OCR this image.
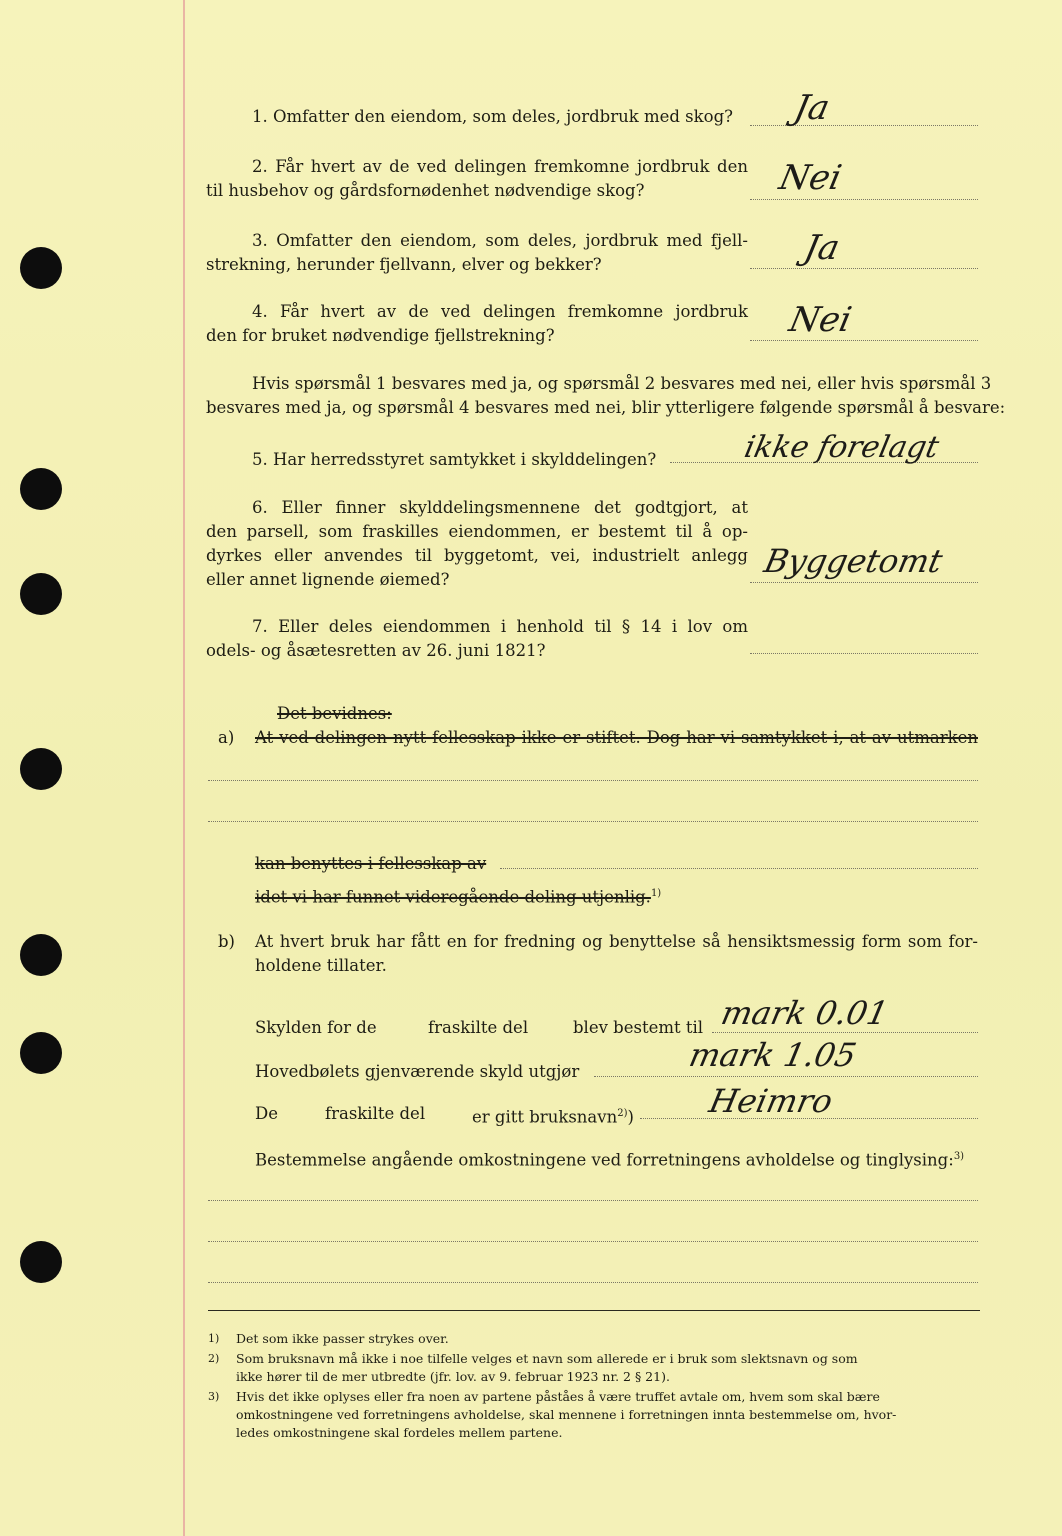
1. Omfatter den eiendom, som deles, jordbruk med skog? Ja
2. Får hvert av de ved delingen fremkomne jordbruk den
til husbehov og gårdsfornødenhet nødvendige skog?	Nei
3. Omfatter den eiendom, som deles, jordbruk med fjell-
strekning, herunder fjellvann, elver og bekker?	Ja
4. Får hvert av de ved delingen fremkomne jordbruk
den for bruket nødvendige fjellstrekning?	Nei
Hvis spørsmål 1 besvares med ja, og spørsmål 2 besvares med nei, eller hvis spørsmål 3
besvares med ja, og spørsmål 4 besvares med nei, blir ytterligere følgende spørsmål å besvare:
5. Har herredsstyret samtykket i skylddelingen?	ikke forelagt
6. Eller finner skylddelingsmennene det godtgjort, at
den parsell, som fraskilles eiendommen, er bestemt til å op-
dyrkes eller anvendes til byggetomt, vei, industrielt anlegg
eller annet lignende øiemed?	Byggetomt
7. Eller deles eiendommen i henhold til § 14 i lov om
odels- og åsætesretten av 26. juni 1821?
Det bevidnes:
a) At ved delingen nytt fellesskap ikke er stiftet. Dog har vi samtykket i, at av utmarken
kan benyttes i fellesskap av
idet vi har funnet videregående deling utjenlig.$^{1)}$
b) At hvert bruk har fått en for fredning og benyttelse så hensiktsmessig form som for-
holdene tillater.
Skylden for de	fraskilte del	blev bestemt til mark 0.01
Hovedbølets gjenværende skyld utgjør	mark 1.05
De	fraskilte del	er gitt bruksnavn$^{2)}$) Heimro
Bestemmelse angående omkostningene ved forretningens avholdelse og tinglysing:$^{3)}$
1) Det som ikke passer strykes over.
2) Som bruksnavn må ikke i noe tilfelle velges et navn som allerede er i bruk som slektsnavn og som
ikke hører til de mer utbredte (jfr. lov. av 9. februar 1923 nr. 2 § 21).
3) Hvis det ikke oplyses eller fra noen av partene påståes å være truffet avtale om, hvem som skal bære
omkostningene ved forretningens avholdelse, skal mennene i forretningen innta bestemmelse om, hvor-
ledes omkostningene skal fordeles mellem partene.
